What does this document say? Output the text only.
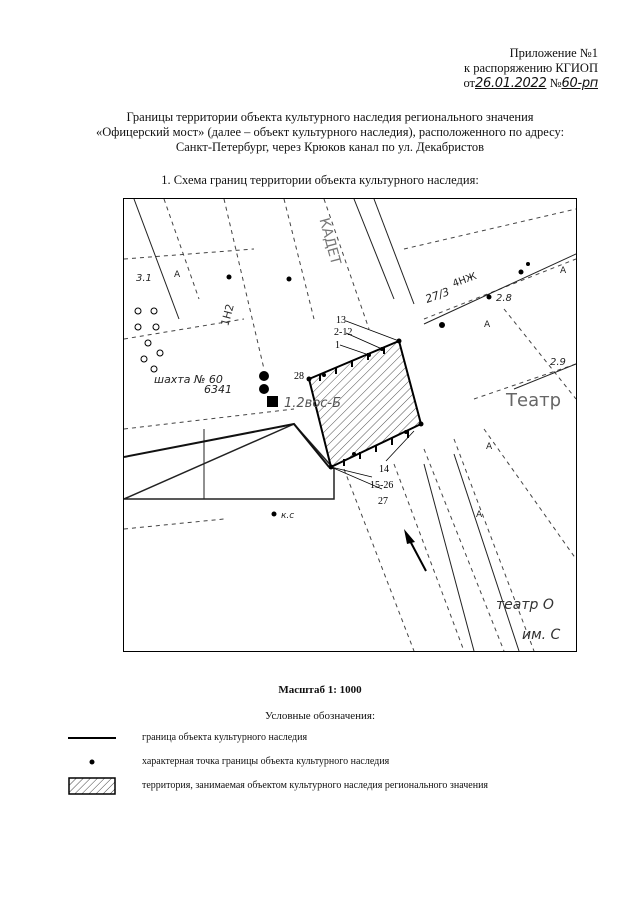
Приложение №1
к распоряжению КГИОП
от26.01.2022 №60-рп
Границы территории объекта культурного наследия регионального значения
«Офицерский мост» (далее – объект культурного наследия), расположенного по адресу:
Санкт-Петербург, через Крюков канал по ул. Декабристов
1. Схема границ территории объекта культурного наследия:
13
2-12
1
28
14
15-26
27
3.1 А
шахта № 60
6341
1.2вос-Б
КАДЕТ
1Н2
4НЖ
27/3	2.8
2.9
Театр
А
А
А
А
к.с
театр О
им. С
Масштаб 1: 1000
Условные обозначения:
граница объекта культурного наследия
характерная точка границы объекта культурного наследия
территория, занимаемая объектом культурного наследия регионального значения
